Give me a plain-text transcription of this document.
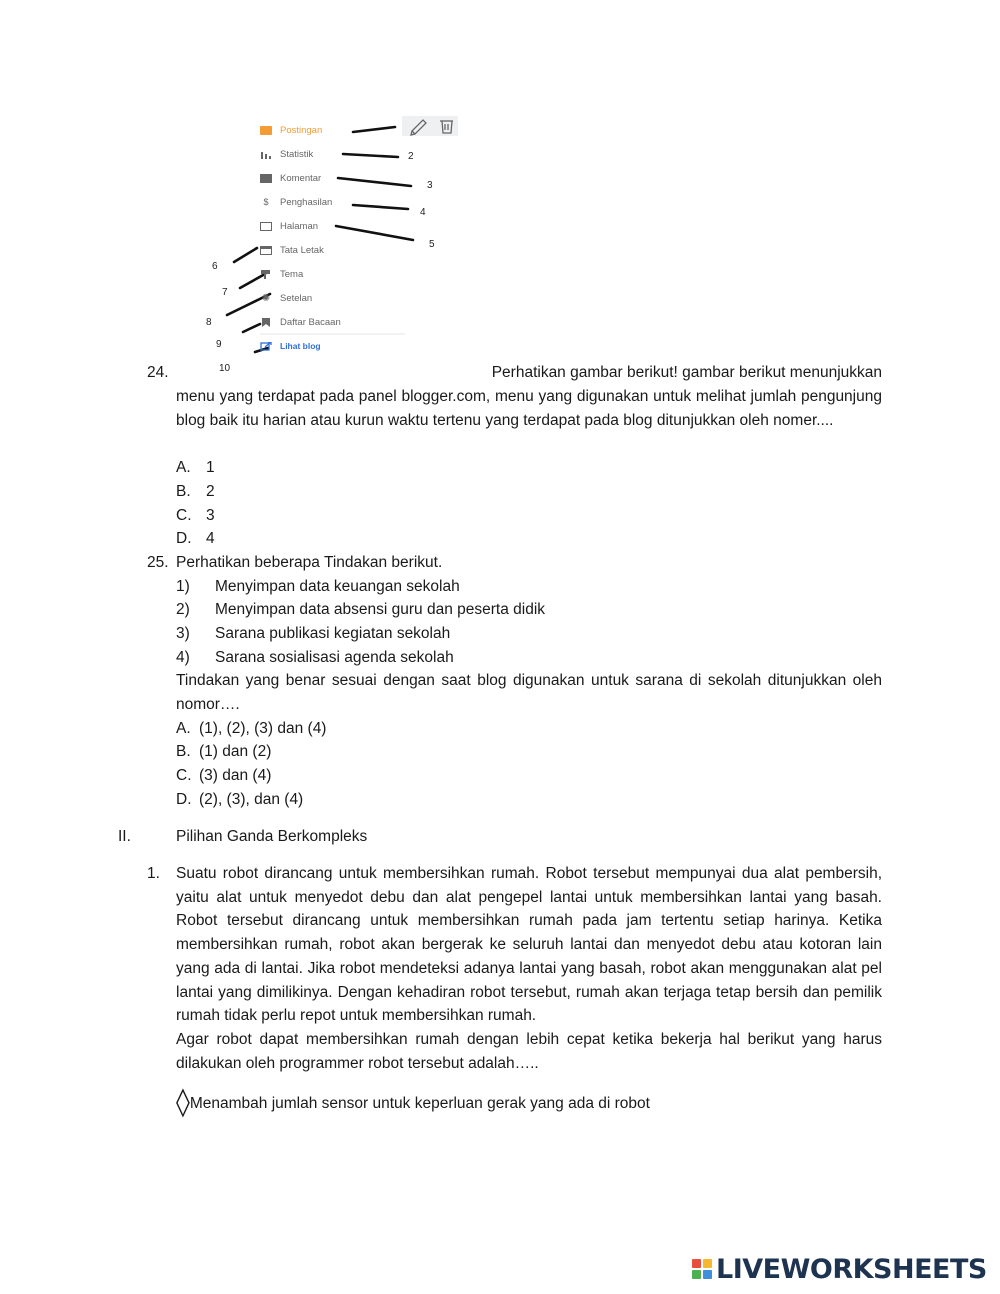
Postingan
Statistik
Komentar
$ Penghasilan
Halaman
Tata Letak
Tema
✺ Setelan
Daftar Bacaan
Lihat blog
2
3
4
5
6
7
8
9
10
24.	Perhatikan gambar berikut! gambar berikut menunjukkan
menu yang terdapat pada panel blogger.com, menu yang digunakan untuk melihat jumlah pengunjung blog baik itu harian atau kurun waktu tertenu yang terdapat pada blog ditunjukkan oleh nomer....
A. 1
B. 2
C. 3
D. 4
25. Perhatikan beberapa Tindakan berikut.
1) Menyimpan data keuangan sekolah
2) Menyimpan data absensi guru dan peserta didik
3) Sarana publikasi kegiatan sekolah
4) Sarana sosialisasi agenda sekolah
Tindakan yang benar sesuai dengan saat blog digunakan untuk sarana di sekolah ditunjukkan oleh nomor….
A. (1), (2), (3) dan (4)
B. (1) dan (2)
C. (3) dan (4)
D. (2), (3), dan (4)
II.	Pilihan Ganda Berkompleks
1. Suatu robot dirancang untuk membersihkan rumah. Robot tersebut mempunyai dua alat pembersih, yaitu alat untuk menyedot debu dan alat pengepel lantai untuk membersihkan lantai yang basah. Robot tersebut dirancang untuk membersihkan rumah pada jam tertentu setiap harinya. Ketika membersihkan rumah, robot akan bergerak ke seluruh lantai dan menyedot debu atau kotoran lain yang ada di lantai. Jika robot mendeteksi adanya lantai yang basah, robot akan menggunakan alat pel lantai yang dimilikinya. Dengan kehadiran robot tersebut, rumah akan terjaga tetap bersih dan pemilik rumah tidak perlu repot untuk membersihkan rumah.
Agar robot dapat membersihkan rumah dengan lebih cepat ketika bekerja hal berikut yang harus dilakukan oleh programmer robot tersebut adalah…..
◊Menambah jumlah sensor untuk keperluan gerak yang ada di robot
LIVEWORKSHEETS
